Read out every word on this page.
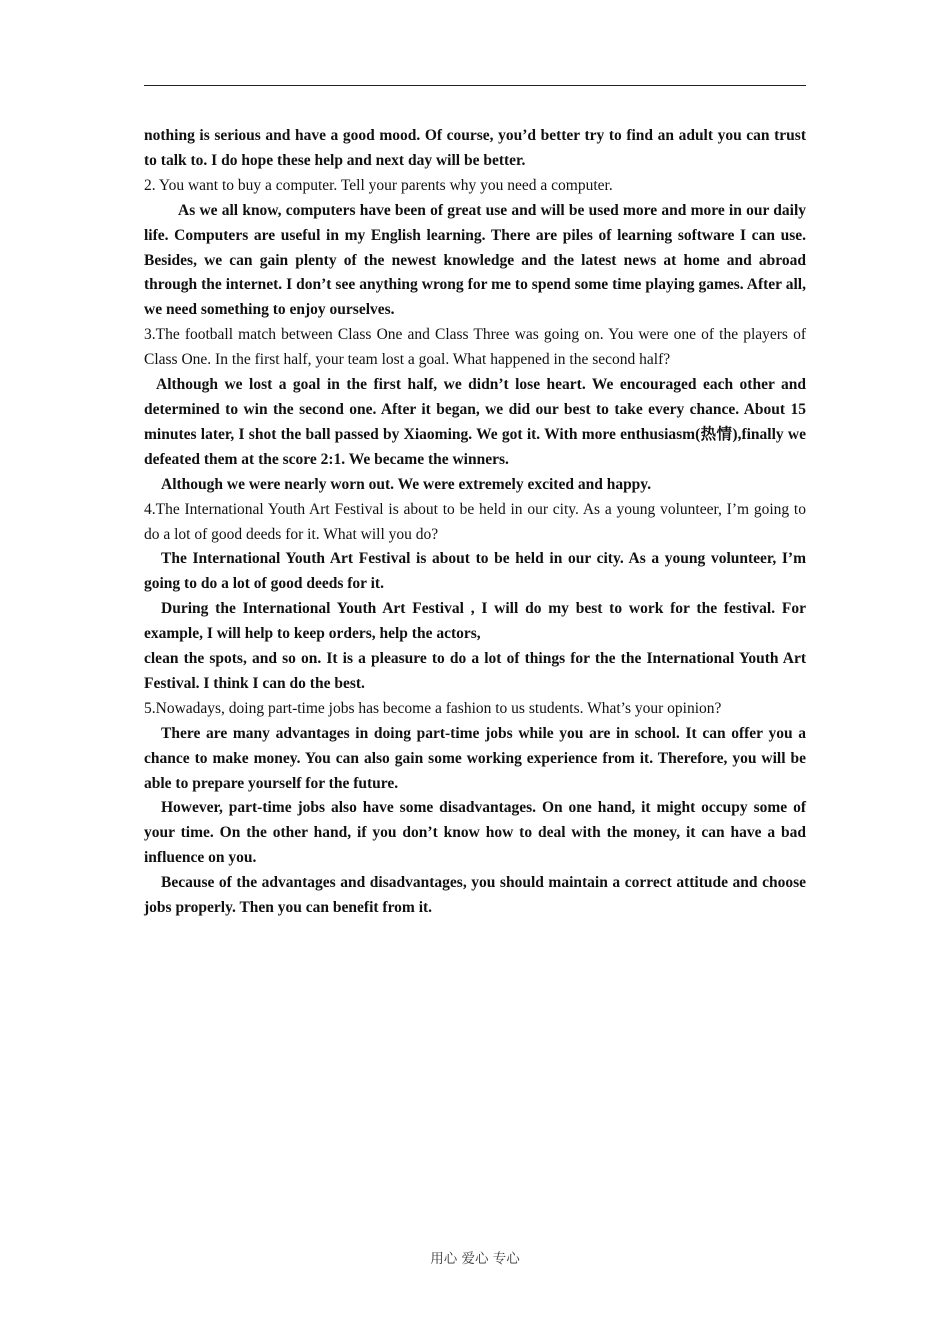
nothing is serious and have a good mood. Of course, you’d better try to find an adult you can trust to talk to. I do hope these help and next day will be better.

2. You want to buy a computer. Tell your parents why you need a computer.

As we all know, computers have been of great use and will be used more and more in our daily life. Computers are useful in my English learning. There are piles of learning software I can use. Besides, we can gain plenty of the newest knowledge and the latest news at home and abroad through the internet. I don’t see anything wrong for me to spend some time playing games. After all, we need something to enjoy ourselves.

3.The football match between Class One and Class Three was going on. You were one of the players of Class One. In the first half, your team lost a goal. What happened in the second half?

Although we lost a goal in the first half, we didn’t lose heart. We encouraged each other and determined to win the second one. After it began, we did our best to take every chance. About 15 minutes later, I shot the ball passed by Xiaoming. We got it. With more enthusiasm(热情),finally we defeated them at the score 2:1. We became the winners.

Although we were nearly worn out. We were extremely excited and happy.

4.The International Youth Art Festival is about to be held in our city. As a young volunteer, I’m going to do a lot of good deeds for it. What will you do?

The International Youth Art Festival is about to be held in our city. As a young volunteer, I’m going to do a lot of good deeds for it.

During the International Youth Art Festival , I will do my best to work for the festival. For example, I will help to keep orders, help the actors,

clean the spots, and so on. It is a pleasure to do a lot of things for the the International Youth Art Festival. I think I can do the best.

5.Nowadays, doing part-time jobs has become a fashion to us students. What’s your opinion?

There are many advantages in doing part-time jobs while you are in school. It can offer you a chance to make money. You can also gain some working experience from it. Therefore, you will be able to prepare yourself for the future.

However, part-time jobs also have some disadvantages. On one hand, it might occupy some of your time. On the other hand, if you don’t know how to deal with the money, it can have a bad influence on you.

Because of the advantages and disadvantages, you should maintain a correct attitude and choose jobs properly. Then you can benefit from it.

用心 爱心 专心
